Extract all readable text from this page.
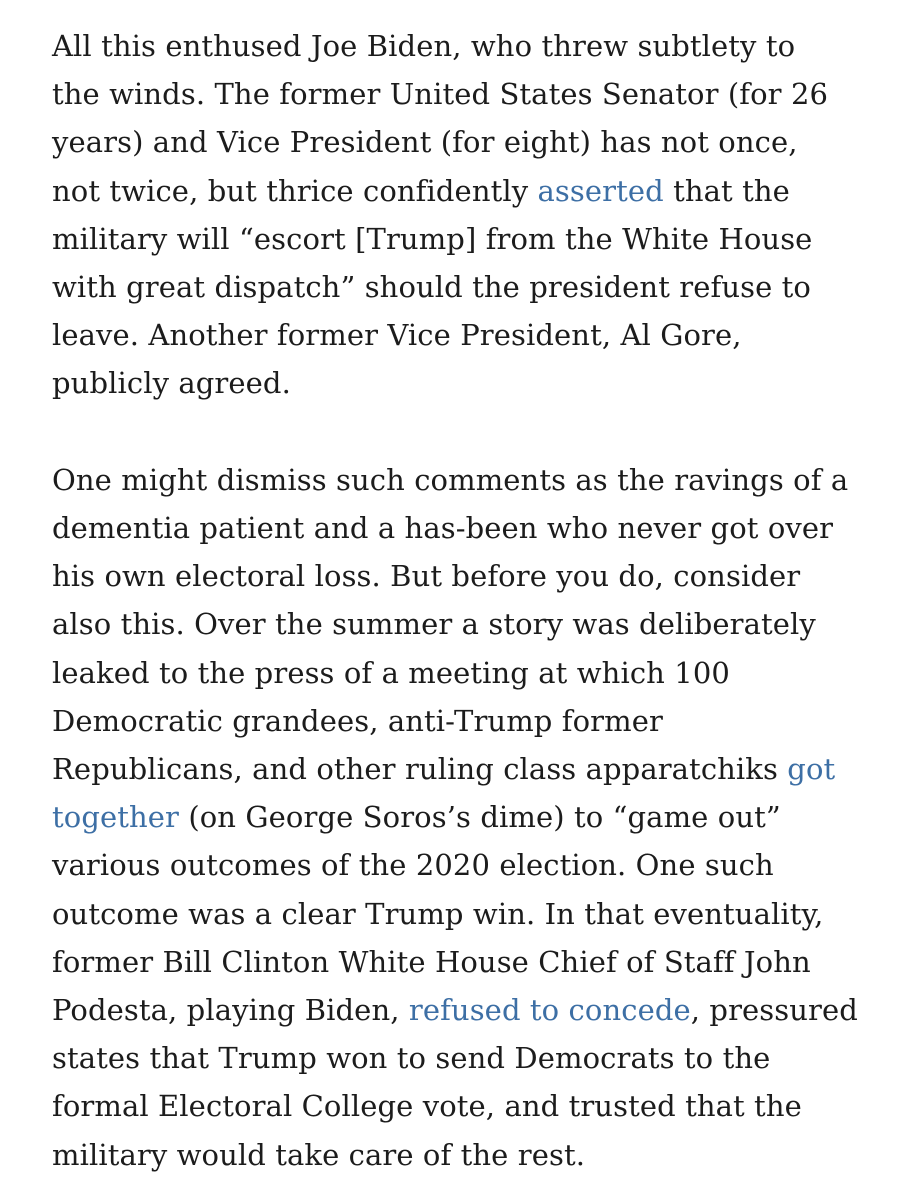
All this enthused Joe Biden, who threw subtlety to
the winds. The former United States Senator (for 26
years) and Vice President (for eight) has not once,
not twice, but thrice confidently asserted that the
military will “escort [Trump] from the White House
with great dispatch” should the president refuse to
leave. Another former Vice President, Al Gore,
publicly agreed.

One might dismiss such comments as the ravings of a
dementia patient and a has-been who never got over
his own electoral loss. But before you do, consider
also this. Over the summer a story was deliberately
leaked to the press of a meeting at which 100
Democratic grandees, anti-Trump former
Republicans, and other ruling class apparatchiks got
together (on George Soros’s dime) to “game out”
various outcomes of the 2020 election. One such
outcome was a clear Trump win. In that eventuality,
former Bill Clinton White House Chief of Staff John
Podesta, playing Biden, refused to concede, pressured
states that Trump won to send Democrats to the
formal Electoral College vote, and trusted that the
military would take care of the rest.
